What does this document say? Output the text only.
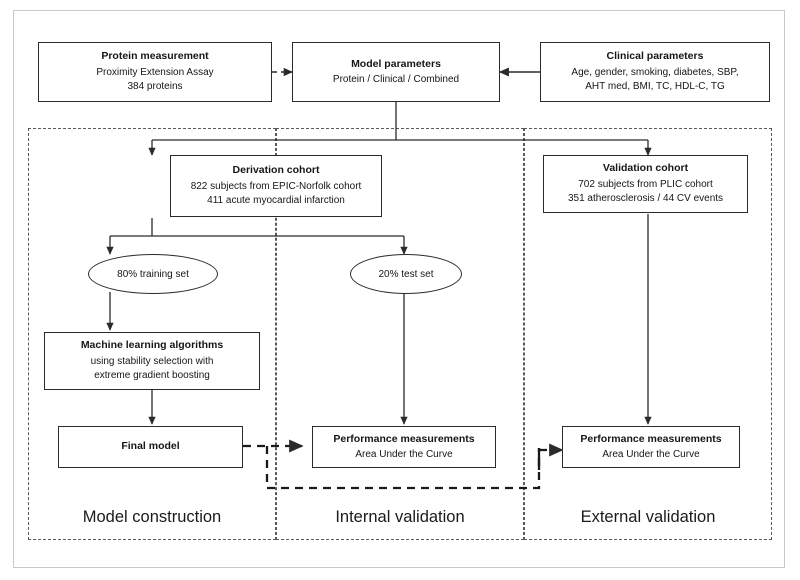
Protein measurement
Proximity Extension Assay
384 proteins
Model parameters
Protein / Clinical / Combined
Clinical parameters
Age, gender, smoking, diabetes, SBP,
AHT med, BMI, TC, HDL-C, TG
Derivation cohort
822 subjects from EPIC-Norfolk cohort
411 acute myocardial infarction
Validation cohort
702 subjects from PLIC cohort
351 atherosclerosis / 44 CV events
80% training set	20% test set
Machine learning algorithms
using stability selection with
extreme gradient boosting
Final model
Performance measurements
Area Under the Curve
Performance measurements
Area Under the Curve
Model construction	Internal validation	External validation
